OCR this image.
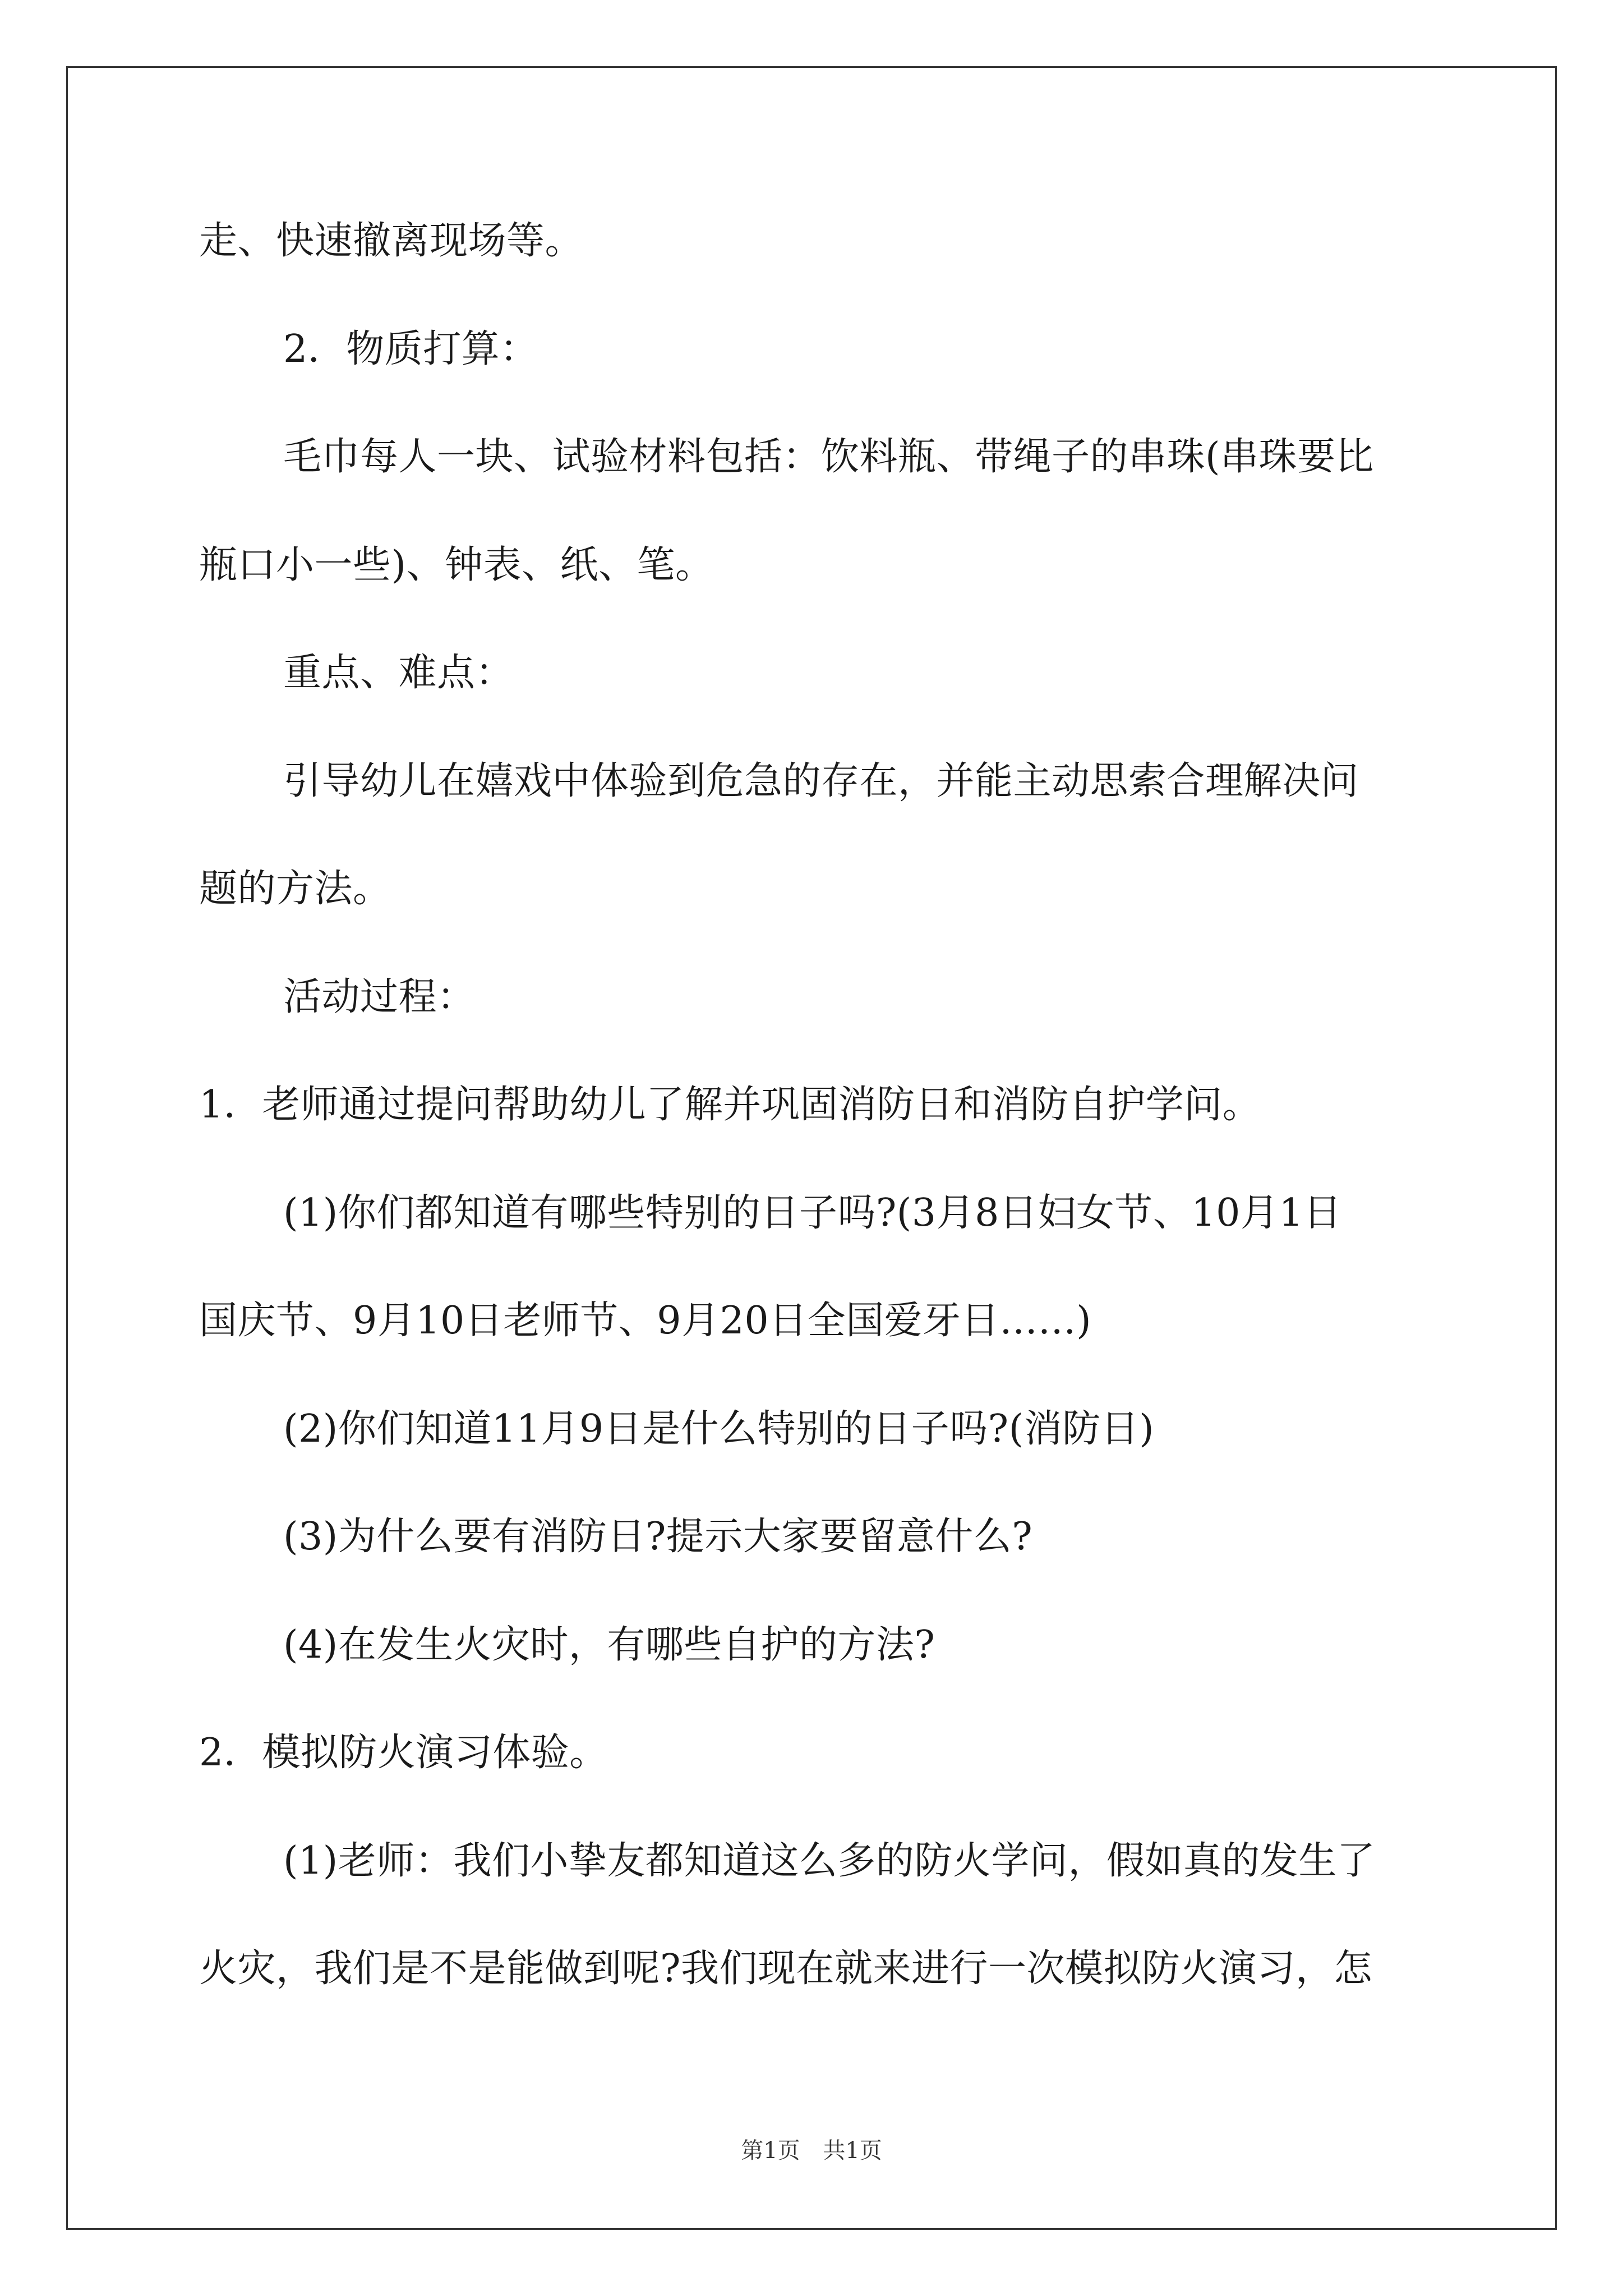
走、快速撤离现场等。
2．物质打算：
毛巾每人一块、试验材料包括：饮料瓶、带绳子的串珠(串珠要比
瓶口小一些)、钟表、纸、笔。
重点、难点：
引导幼儿在嬉戏中体验到危急的存在，并能主动思索合理解决问
题的方法。
活动过程：
1．老师通过提问帮助幼儿了解并巩固消防日和消防自护学问。
(1)你们都知道有哪些特别的日子吗?(3月8日妇女节、10月1日
国庆节、9月10日老师节、9月20日全国爱牙日……)
(2)你们知道11月9日是什么特别的日子吗?(消防日)
(3)为什么要有消防日?提示大家要留意什么?
(4)在发生火灾时，有哪些自护的方法?
2．模拟防火演习体验。
(1)老师：我们小挚友都知道这么多的防火学问，假如真的发生了
火灾，我们是不是能做到呢?我们现在就来进行一次模拟防火演习，怎
第1页 共1页
